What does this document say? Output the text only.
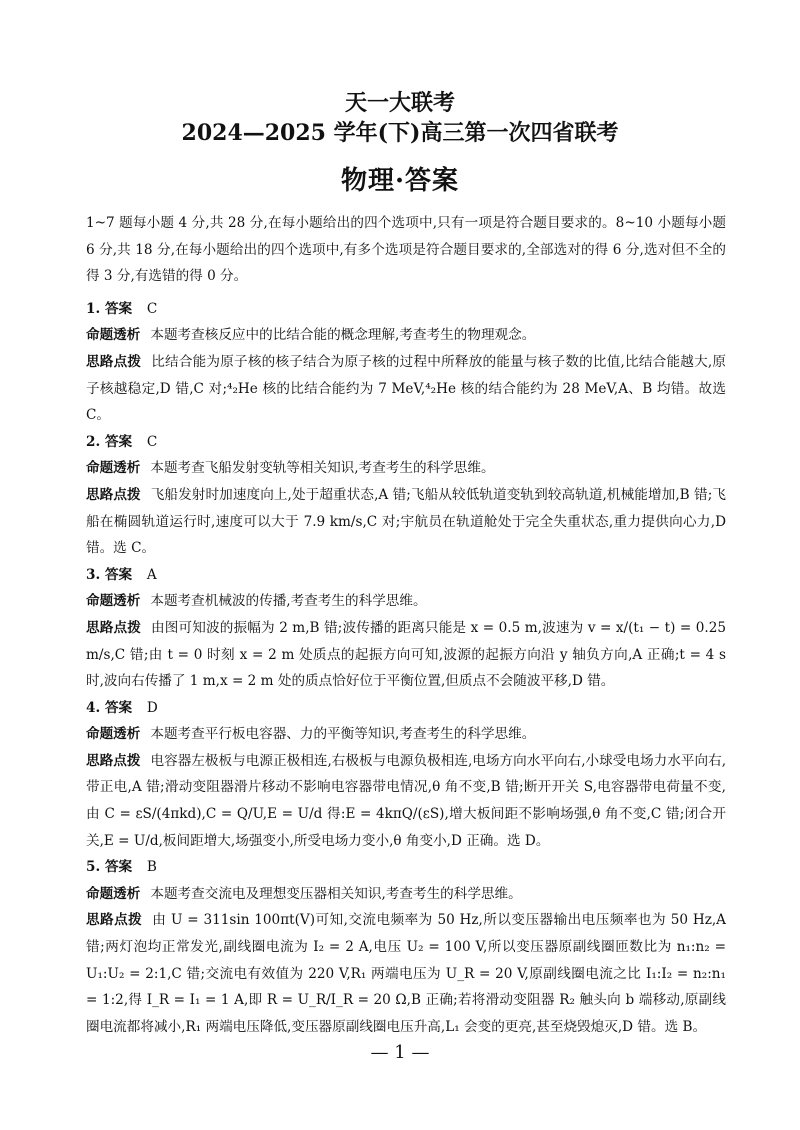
天一大联考
2024—2025 学年(下)高三第一次四省联考
物理·答案

1~7 题每小题 4 分,共 28 分,在每小题给出的四个选项中,只有一项是符合题目要求的。8~10 小题每小题 6 分,共 18 分,在每小题给出的四个选项中,有多个选项是符合题目要求的,全部选对的得 6 分,选对但不全的得 3 分,有选错的得 0 分。

1. 答案 C

命题透析 本题考查核反应中的比结合能的概念理解,考查考生的物理观念。

思路点拨 比结合能为原子核的核子结合为原子核的过程中所释放的能量与核子数的比值,比结合能越大,原子核越稳定,D 错,C 对;⁴₂He 核的比结合能约为 7 MeV,⁴₂He 核的结合能约为 28 MeV,A、B 均错。故选 C。

2. 答案 C

命题透析 本题考查飞船发射变轨等相关知识,考查考生的科学思维。

思路点拨 飞船发射时加速度向上,处于超重状态,A 错;飞船从较低轨道变轨到较高轨道,机械能增加,B 错;飞船在椭圆轨道运行时,速度可以大于 7.9 km/s,C 对;宇航员在轨道舱处于完全失重状态,重力提供向心力,D 错。选 C。

3. 答案 A

命题透析 本题考查机械波的传播,考查考生的科学思维。

思路点拨 由图可知波的振幅为 2 m,B 错;波传播的距离只能是 x = 0.5 m,波速为 v = x/(t₁ − t) = 0.25 m/s,C 错;由 t = 0 时刻 x = 2 m 处质点的起振方向可知,波源的起振方向沿 y 轴负方向,A 正确;t = 4 s 时,波向右传播了 1 m,x = 2 m 处的质点恰好位于平衡位置,但质点不会随波平移,D 错。

4. 答案 D

命题透析 本题考查平行板电容器、力的平衡等知识,考查考生的科学思维。

思路点拨 电容器左极板与电源正极相连,右极板与电源负极相连,电场方向水平向右,小球受电场力水平向右,带正电,A 错;滑动变阻器滑片移动不影响电容器带电情况,θ 角不变,B 错;断开开关 S,电容器带电荷量不变,由 C = εS/(4πkd),C = Q/U,E = U/d 得:E = 4kπQ/(εS),增大板间距不影响场强,θ 角不变,C 错;闭合开关,E = U/d,板间距增大,场强变小,所受电场力变小,θ 角变小,D 正确。选 D。

5. 答案 B

命题透析 本题考查交流电及理想变压器相关知识,考查考生的科学思维。

思路点拨 由 U = 311sin 100πt(V)可知,交流电频率为 50 Hz,所以变压器输出电压频率也为 50 Hz,A 错;两灯泡均正常发光,副线圈电流为 I₂ = 2 A,电压 U₂ = 100 V,所以变压器原副线圈匝数比为 n₁:n₂ = U₁:U₂ = 2:1,C 错;交流电有效值为 220 V,R₁ 两端电压为 U_R = 20 V,原副线圈电流之比 I₁:I₂ = n₂:n₁ = 1:2,得 I_R = I₁ = 1 A,即 R = U_R/I_R = 20 Ω,B 正确;若将滑动变阻器 R₂ 触头向 b 端移动,原副线圈电流都将减小,R₁ 两端电压降低,变压器原副线圈电压升高,L₁ 会变的更亮,甚至烧毁熄灭,D 错。选 B。

— 1 —
